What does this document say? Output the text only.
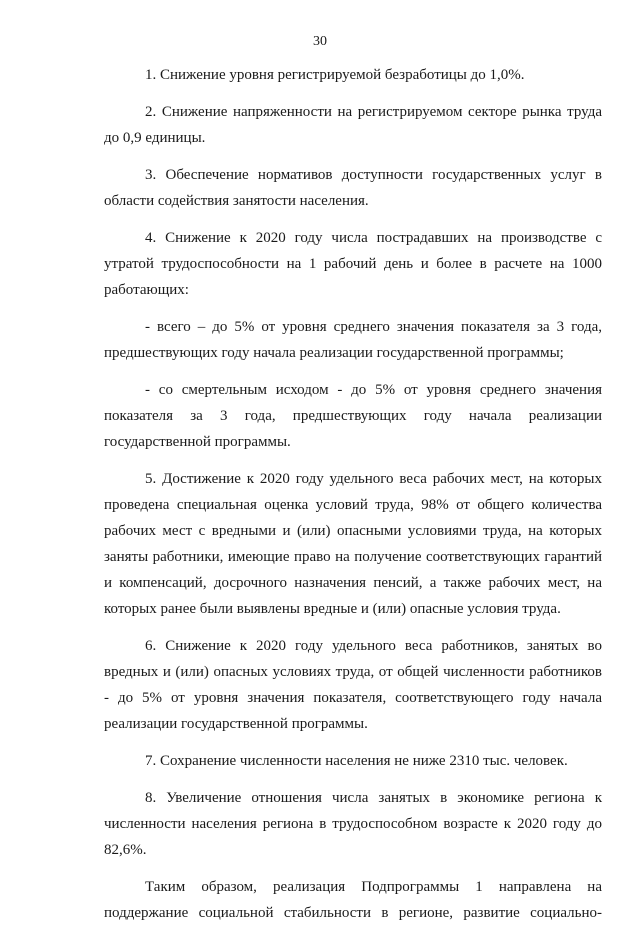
30

1. Снижение уровня регистрируемой безработицы до 1,0%.

2. Снижение напряженности на регистрируемом секторе рынка труда до 0,9 единицы.

3. Обеспечение нормативов доступности государственных услуг в области содействия занятости населения.

4. Снижение к 2020 году числа пострадавших на производстве с утратой трудоспособности на 1 рабочий день и более в расчете на 1000 работающих:

- всего – до 5% от уровня среднего значения показателя за 3 года, предшествующих году начала реализации государственной программы;

- со смертельным исходом - до 5% от уровня среднего значения показателя за 3 года, предшествующих году начала реализации государственной программы.

5. Достижение к 2020 году удельного веса рабочих мест, на которых проведена специальная оценка условий труда, 98% от общего количества рабочих мест с вредными и (или) опасными условиями труда, на которых заняты работники, имеющие право на получение соответствующих гарантий и компенсаций, досрочного назначения пенсий, а также рабочих мест, на которых ранее были выявлены вредные и (или) опасные условия труда.

6. Снижение к 2020 году удельного веса работников, занятых во вредных и (или) опасных условиях труда, от общей численности работников - до 5% от уровня значения показателя, соответствующего году начала реализации государственной программы.

7. Сохранение численности населения не ниже 2310 тыс. человек.

8. Увеличение отношения числа занятых в экономике региона к численности населения региона в трудоспособном возрасте к 2020 году до 82,6%.

Таким образом, реализация Подпрограммы 1 направлена на поддержание социальной стабильности в регионе, развитие социально-
